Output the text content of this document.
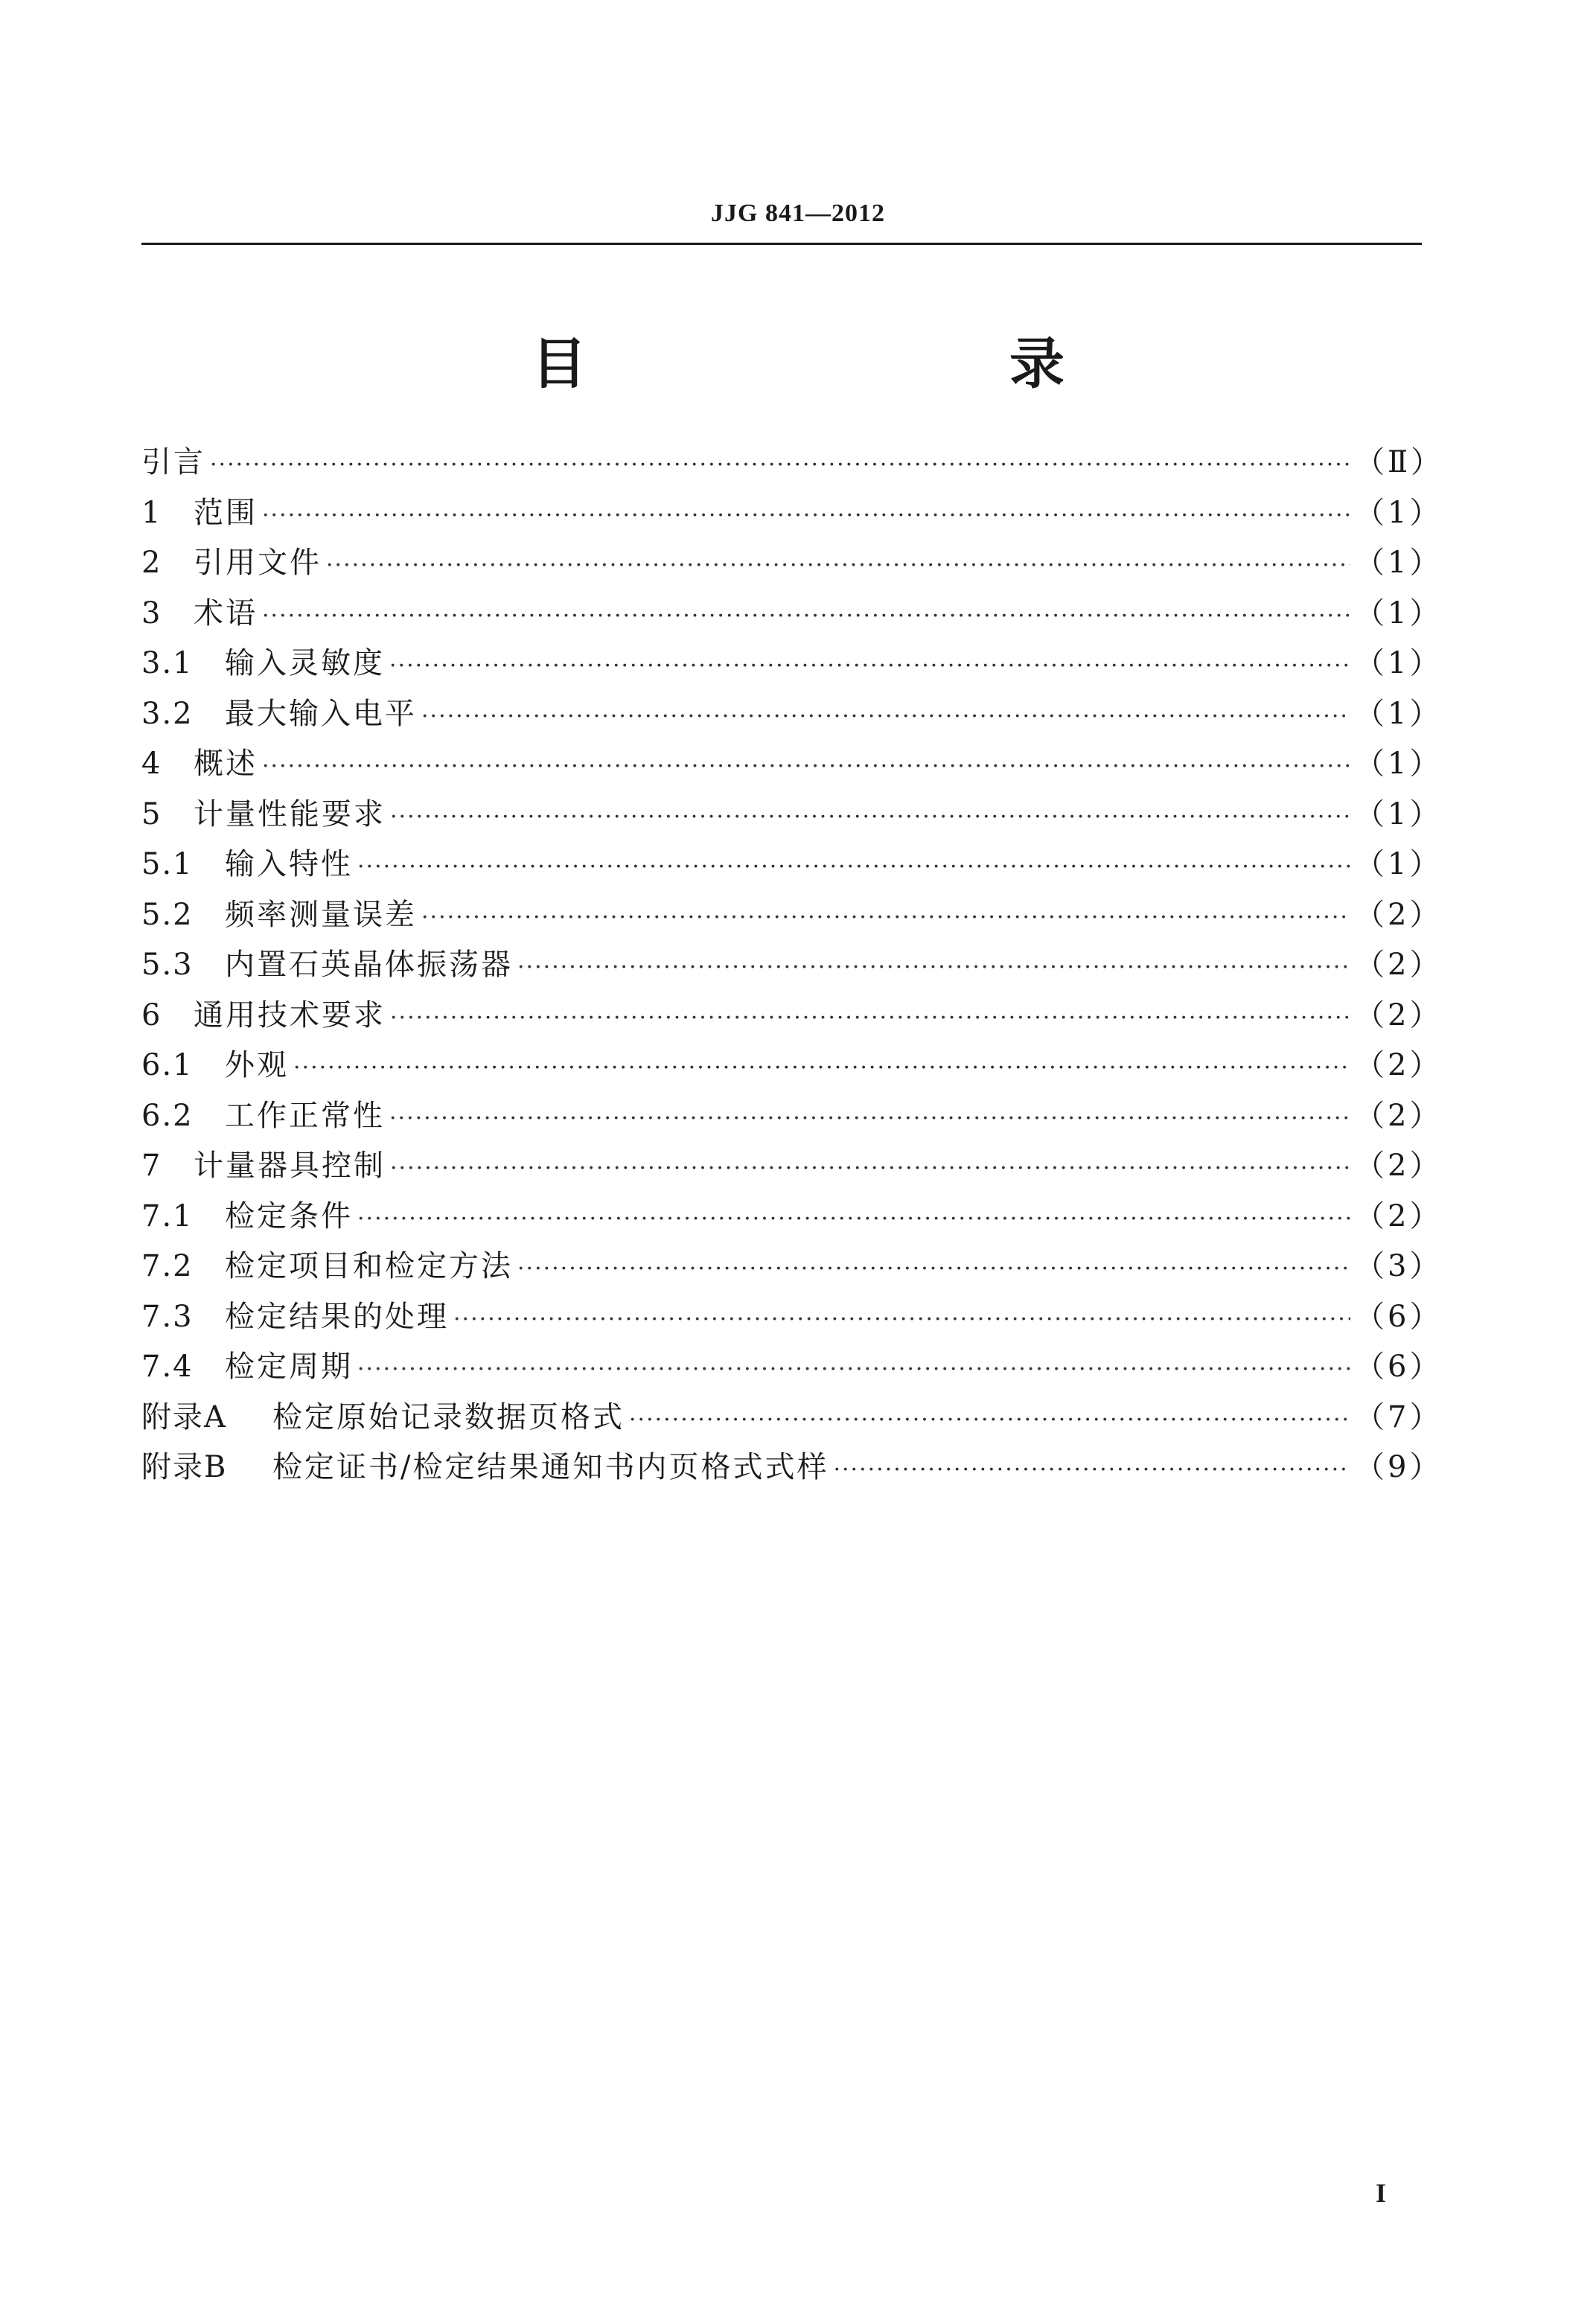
JJG 841—2012
目　　录
引言 ·····	（Ⅱ）
1	范围 ·····	（1）
2	引用文件 ·····	（1）
3	术语 ·····	（1）
3.1	输入灵敏度 ·····	（1）
3.2	最大输入电平 ·····	（1）
4	概述 ·····	（1）
5	计量性能要求 ·····	（1）
5.1	输入特性 ·····	（1）
5.2	频率测量误差 ·····	（2）
5.3	内置石英晶体振荡器 ·····	（2）
6	通用技术要求 ·····	（2）
6.1	外观 ·····	（2）
6.2	工作正常性 ·····	（2）
7	计量器具控制 ·····	（2）
7.1	检定条件 ·····	（2）
7.2	检定项目和检定方法 ·····	（3）
7.3	检定结果的处理 ·····	（6）
7.4	检定周期 ·····	（6）
附录A	检定原始记录数据页格式 ·····	（7）
附录B	检定证书/检定结果通知书内页格式式样 ·····	（9）
I
